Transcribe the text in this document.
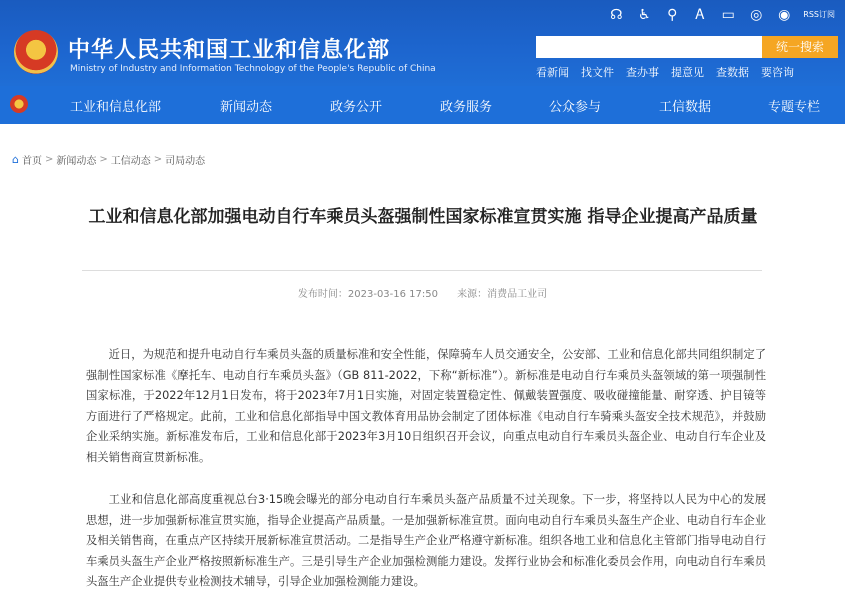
中华人民共和国工业和信息化部
Ministry of Industry and Information Technology of the People's Republic of China
☊ ♿ ⚲	Ꭺ	▭ ◎ ◉	RSS订阅
统一搜索
看新闻 找文件 查办事 提意见 查数据 要咨询
工业和信息化部	新闻动态	政务公开	政务服务	公众参与	工信数据	专题专栏
⌂ 首页 > 新闻动态 > 工信动态 > 司局动态
工业和信息化部加强电动自行车乘员头盔强制性国家标准宣贯实施 指导企业提高产品质量
发布时间：2023-03-16 17:50 来源：消费品工业司

近日，为规范和提升电动自行车乘员头盔的质量标准和安全性能，保障骑车人员交通安全，公安部、工业和信息化部共同组织制定了强制性国家标准《摩托车、电动自行车乘员头盔》（GB 811-2022，下称“新标准”）。新标准是电动自行车乘员头盔领域的第一项强制性国家标准，于2022年12月1日发布，将于2023年7月1日实施，对固定装置稳定性、佩戴装置强度、吸收碰撞能量、耐穿透、护目镜等方面进行了严格规定。此前，工业和信息化部指导中国文教体育用品协会制定了团体标准《电动自行车骑乘头盔安全技术规范》，并鼓励企业采纳实施。新标准发布后，工业和信息化部于2023年3月10日组织召开会议，向重点电动自行车乘员头盔企业、电动自行车企业及相关销售商宣贯新标准。

工业和信息化部高度重视总台3·15晚会曝光的部分电动自行车乘员头盔产品质量不过关现象。下一步，将坚持以人民为中心的发展思想，进一步加强新标准宣贯实施，指导企业提高产品质量。一是加强新标准宣贯。面向电动自行车乘员头盔生产企业、电动自行车企业及相关销售商，在重点产区持续开展新标准宣贯活动。二是指导生产企业严格遵守新标准。组织各地工业和信息化主管部门指导电动自行车乘员头盔生产企业严格按照新标准生产。三是引导生产企业加强检测能力建设。发挥行业协会和标准化委员会作用，向电动自行车乘员头盔生产企业提供专业检测技术辅导，引导企业加强检测能力建设。
